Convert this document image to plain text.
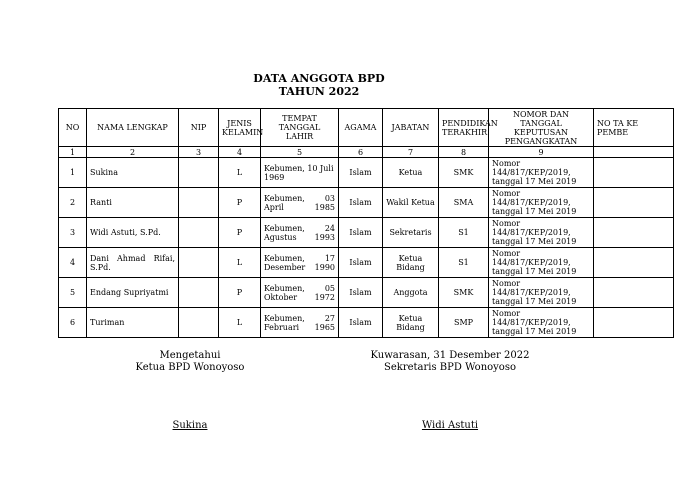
DATA ANGGOTA BPD
TAHUN 2022
NO	NAMA LENGKAP	NIP	JENIS KELAMIN	TEMPAT TANGGAL LAHIR	AGAMA	JABATAN	PENDIDIKAN TERAKHIR	NOMOR DAN TANGGAL KEPUTUSAN PENGANGKATAN	NO TA KE PEMBE
1	2	3	4	5	6	7	8	9	
1	Sukina		L	Kebumen, 10 Juli 1969	Islam	Ketua	SMK	Nomor 144/817/KEP/2019, tanggal 17 Mei 2019	
2	Ranti		P	Kebumen, 03 April 1985	Islam	Wakil Ketua	SMA	Nomor 144/817/KEP/2019, tanggal 17 Mei 2019	
3	Widi Astuti, S.Pd.		P	Kebumen, 24 Agustus 1993	Islam	Sekretaris	S1	Nomor 144/817/KEP/2019, tanggal 17 Mei 2019	
4	Dani Ahmad Rifai, S.Pd.		L	Kebumen, 17 Desember 1990	Islam	Ketua Bidang	S1	Nomor 144/817/KEP/2019, tanggal 17 Mei 2019	
5	Endang Supriyatmi		P	Kebumen, 05 Oktober 1972	Islam	Anggota	SMK	Nomor 144/817/KEP/2019, tanggal 17 Mei 2019	
6	Turiman		L	Kebumen, 27 Februari 1965	Islam	Ketua Bidang	SMP	Nomor 144/817/KEP/2019, tanggal 17 Mei 2019	
Mengetahui
Ketua BPD Wonoyoso
Kuwarasan, 31 Desember 2022
Sekretaris BPD Wonoyoso
Sukina	Widi Astuti
